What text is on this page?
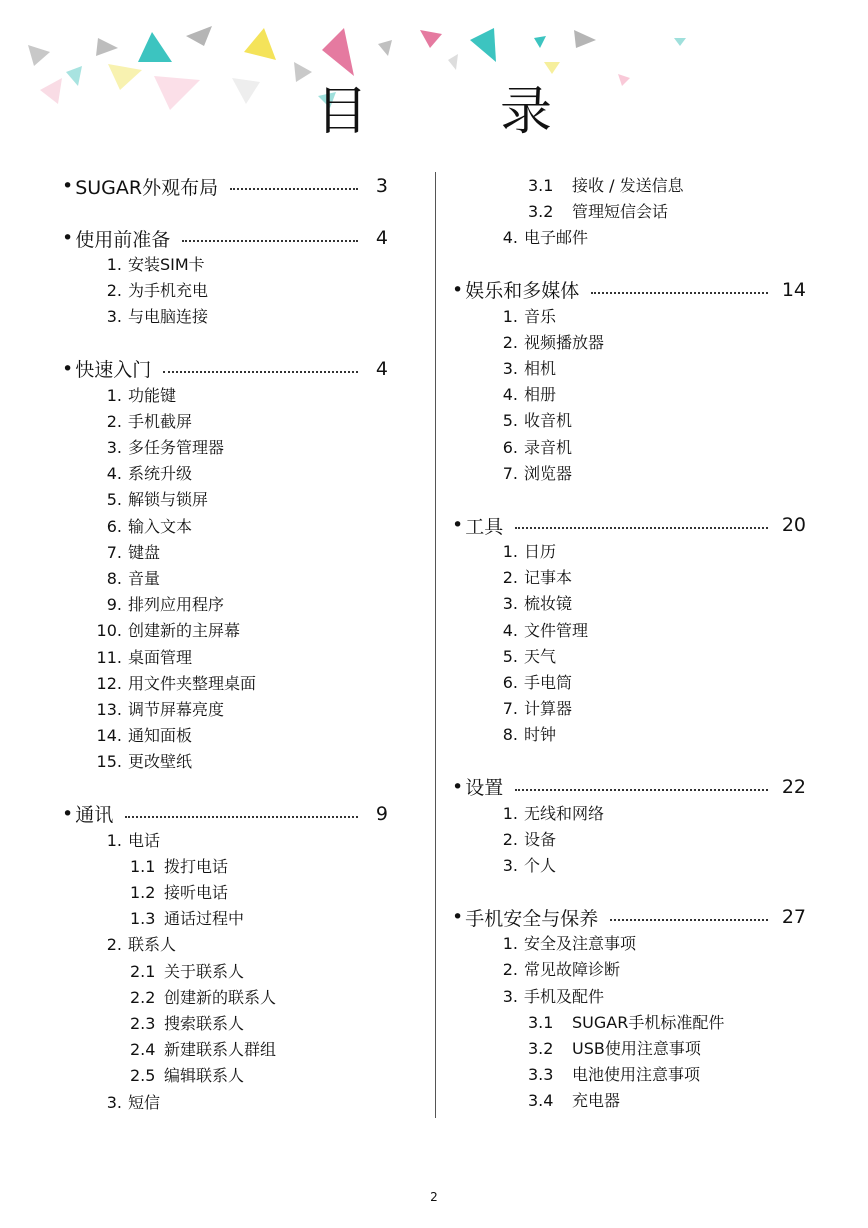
目　录
2
• SUGAR外观布局	3
• 使用前准备	4
1. 安装SIM卡
2. 为手机充电
3. 与电脑连接
• 快速入门	4
1. 功能键
2. 手机截屏
3. 多任务管理器
4. 系统升级
5. 解锁与锁屏
6. 输入文本
7. 键盘
8. 音量
9. 排列应用程序
10. 创建新的主屏幕
11. 桌面管理
12. 用文件夹整理桌面
13. 调节屏幕亮度
14. 通知面板
15. 更改壁纸
• 通讯	9
1. 电话
1.1 拨打电话
1.2 接听电话
1.3 通话过程中
2. 联系人
2.1 关于联系人
2.2 创建新的联系人
2.3 搜索联系人
2.4 新建联系人群组
2.5 编辑联系人
3. 短信
3.1 接收 / 发送信息
3.2 管理短信会话
4. 电子邮件
• 娱乐和多媒体	14
1. 音乐
2. 视频播放器
3. 相机
4. 相册
5. 收音机
6. 录音机
7. 浏览器
• 工具	20
1. 日历
2. 记事本
3. 梳妆镜
4. 文件管理
5. 天气
6. 手电筒
7. 计算器
8. 时钟
• 设置	22
1. 无线和网络
2. 设备
3. 个人
• 手机安全与保养	27
1. 安全及注意事项
2. 常见故障诊断
3. 手机及配件
3.1 SUGAR手机标准配件
3.2 USB使用注意事项
3.3 电池使用注意事项
3.4 充电器
